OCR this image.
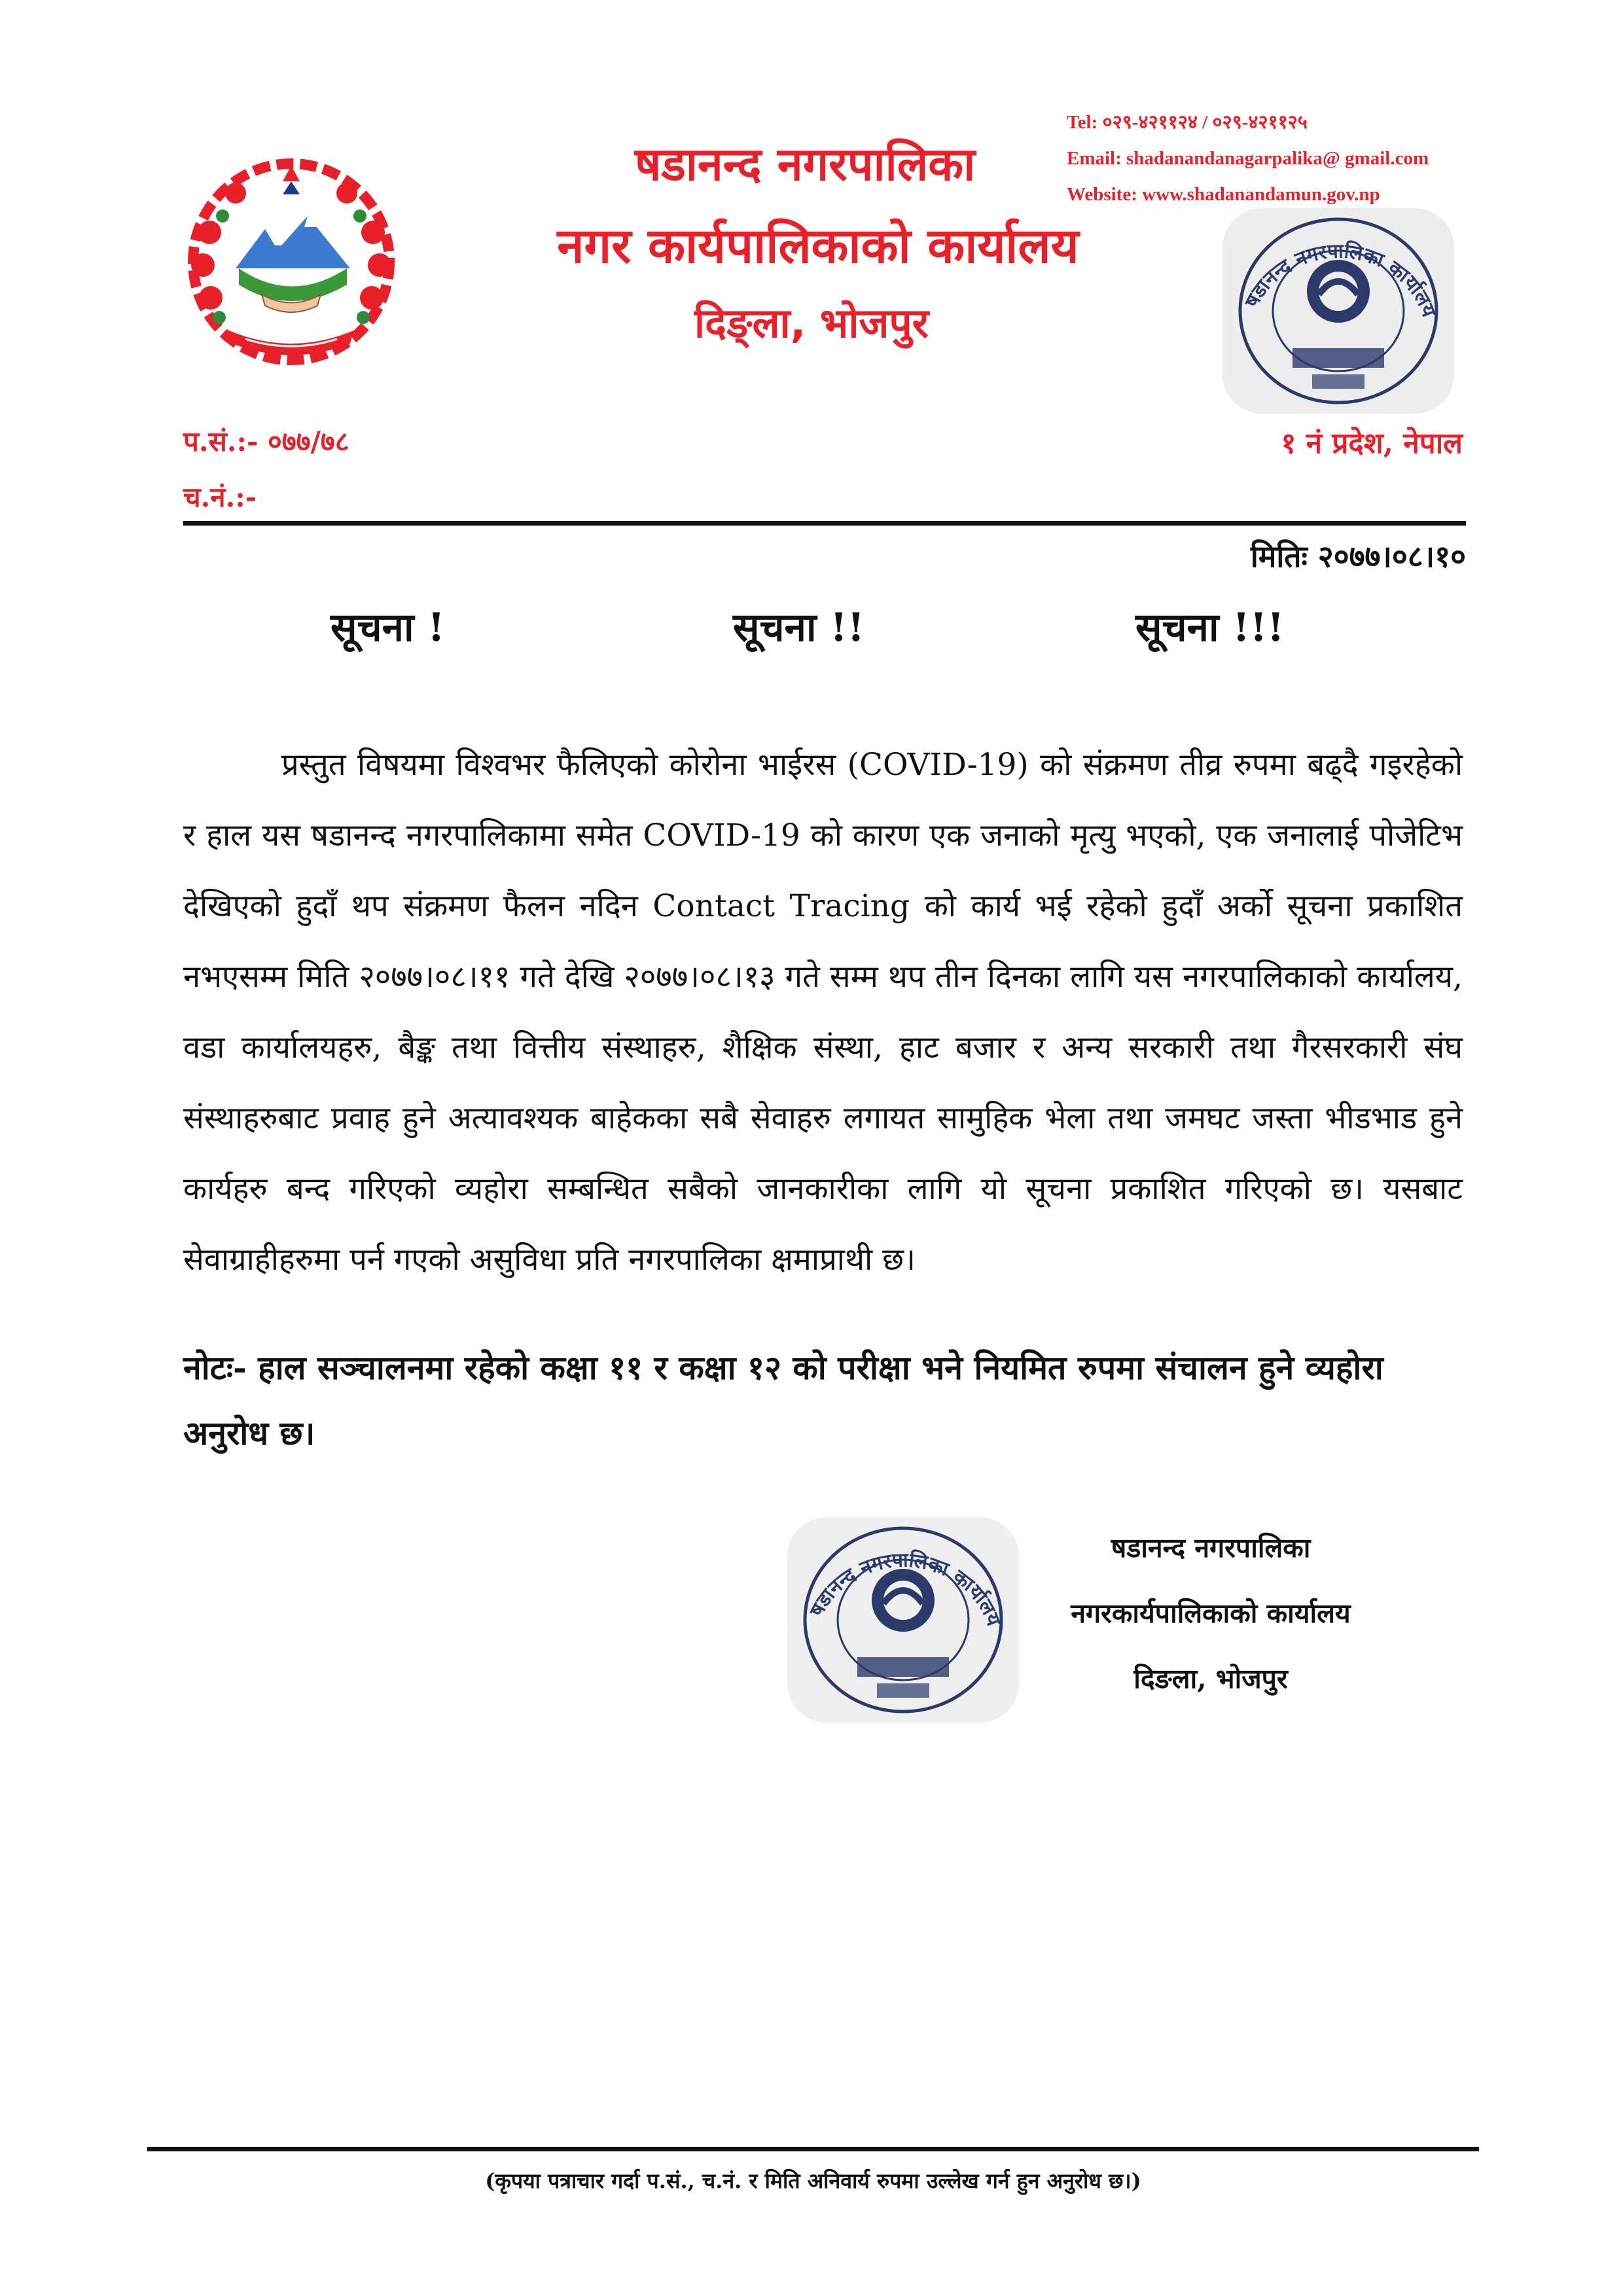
षडानन्द नगरपालिका
नगर कार्यपालिकाको कार्यालय
दिङ्ला, भोजपुर
Tel: ०२९-४२११२४ / ०२९-४२११२५
Email: shadanandanagarpalika@ gmail.com
Website: www.shadanandamun.gov.np
षडानन्द नगरपालिका कार्यालय
प.सं.:- ०७७/७८
च.नं.:-
१ नं प्रदेश, नेपाल
मितिः २०७७।०८।१०
सूचना !	सूचना !!	सूचना !!!

प्रस्तुत विषयमा विश्वभर फैलिएको कोरोना भाईरस (COVID-19) को संक्रमण तीव्र रुपमा बढ्दै गइरहेको र हाल यस षडानन्द नगरपालिकामा समेत COVID-19 को कारण एक जनाको मृत्यु भएको, एक जनालाई पोजेटिभ देखिएको हुदाँ थप संक्रमण फैलन नदिन Contact Tracing को कार्य भई रहेको हुदाँ अर्को सूचना प्रकाशित नभएसम्म मिति २०७७।०८।११ गते देखि २०७७।०८।१३ गते सम्म थप तीन दिनका लागि यस नगरपालिकाको कार्यालय, वडा कार्यालयहरु, बैङ्क तथा वित्तीय संस्थाहरु, शैक्षिक संस्था, हाट बजार र अन्य सरकारी तथा गैरसरकारी संघ संस्थाहरुबाट प्रवाह हुने अत्यावश्यक बाहेकका सबै सेवाहरु लगायत सामुहिक भेला तथा जमघट जस्ता भीडभाड हुने कार्यहरु बन्द गरिएको व्यहोरा सम्बन्धित सबैको जानकारीका लागि यो सूचना प्रकाशित गरिएको छ। यसबाट सेवाग्राहीहरुमा पर्न गएको असुविधा प्रति नगरपालिका क्षमाप्राथी छ।

नोटः- हाल सञ्चालनमा रहेको कक्षा ११ र कक्षा १२ को परीक्षा भने नियमित रुपमा संचालन हुने व्यहोरा अनुरोध छ।

षडानन्द नगरपालिका कार्यालय
षडानन्द नगरपालिका
नगरकार्यपालिकाको कार्यालय
दिङला, भोजपुर
(कृपया पत्राचार गर्दा प.सं., च.नं. र मिति अनिवार्य रुपमा उल्लेख गर्न हुन अनुरोध छ।)
